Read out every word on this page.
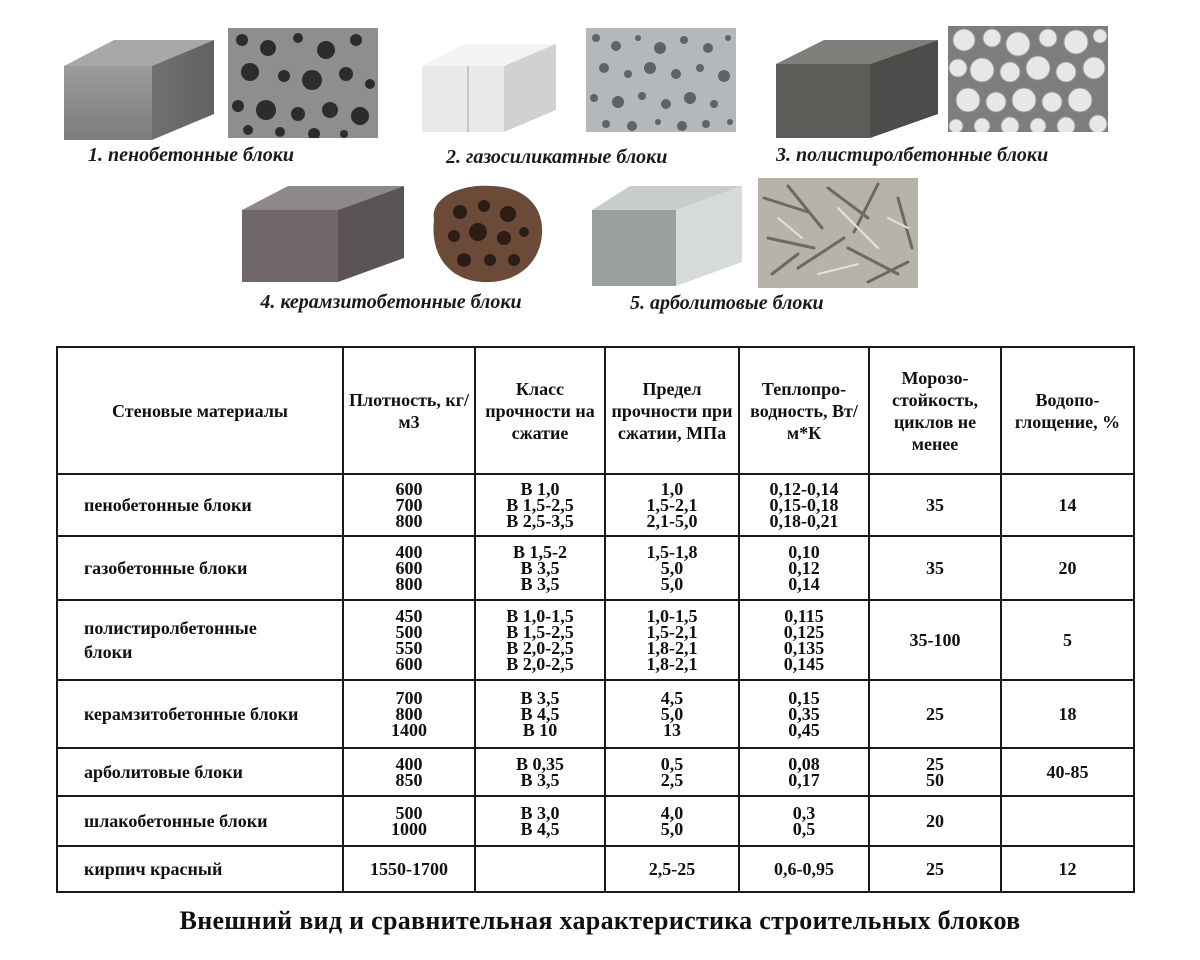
1. пенобетонные блоки	2. газосиликатные блоки	3. полистиролбетонные блоки
4. керамзитобетонные блоки	5. арболитовые блоки
Стеновые материалы	Плотность, кг/м3	Класс прочности на сжатие	Предел прочности при сжатии, МПа	Теплопро- водность, Вт/м*К	Морозо- стойкость, циклов не менее	Водопо- глощение, %
пенобетонные блоки	600
700
800	В 1,0
В 1,5-2,5
В 2,5-3,5	1,0
1,5-2,1
2,1-5,0	0,12-0,14
0,15-0,18
0,18-0,21	35	14

газобетонные блоки	400
600
800	В 1,5-2
В 3,5
В 3,5	1,5-1,8
5,0
5,0	0,10
0,12
0,14	35	20

полистиролбетонные блоки	450
500
550
600	В 1,0-1,5
В 1,5-2,5
В 2,0-2,5
В 2,0-2,5	1,0-1,5
1,5-2,1
1,8-2,1
1,8-2,1	0,115
0,125
0,135
0,145	35-100	5

керамзитобетонные блоки	700
800
1400	В 3,5
В 4,5
В 10	4,5
5,0
13	0,15
0,35
0,45	25	18

арболитовые блоки	400
850	В 0,35
В 3,5	0,5
2,5	0,08
0,17	25
50	40-85

шлакобетонные блоки	500
1000	В 3,0
В 4,5	4,0
5,0	0,3
0,5	20	

кирпич красный	1550-1700		2,5-25	0,6-0,95	25	12
Внешний вид и сравнительная характеристика строительных блоков
